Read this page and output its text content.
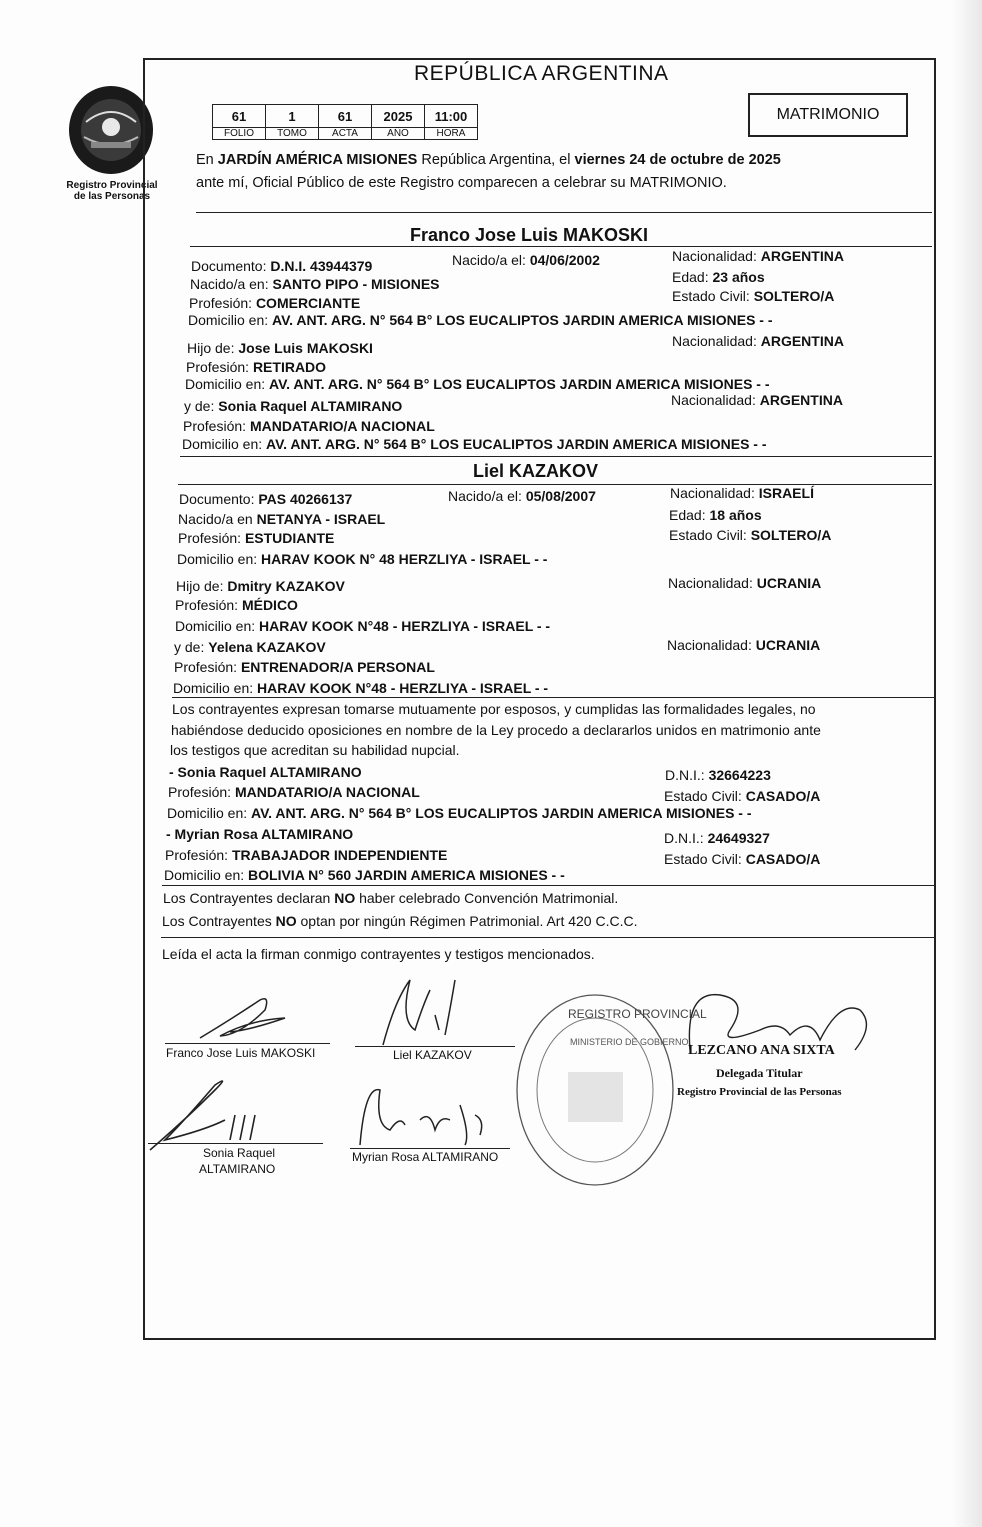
Registro Provincial
de las Personas
REPÚBLICA ARGENTINA
61	1	61	2025	11:00
FOLIO	TOMO	ACTA	AÑO	HORA
MATRIMONIO
En JARDÍN AMÉRICA MISIONES República Argentina, el viernes 24 de octubre de 2025
ante mí, Oficial Público de este Registro comparecen a celebrar su MATRIMONIO.
Franco Jose Luis MAKOSKI
Documento: D.N.I. 43944379	Nacido/a el: 04/06/2002	Nacionalidad: ARGENTINA
Nacido/a en: SANTO PIPO - MISIONES	Edad: 23 años
Profesión: COMERCIANTE	Estado Civil: SOLTERO/A
Domicilio en: AV. ANT. ARG. N° 564 B° LOS EUCALIPTOS JARDIN AMERICA MISIONES - -
Hijo de: Jose Luis MAKOSKI	Nacionalidad: ARGENTINA
Profesión: RETIRADO
Domicilio en: AV. ANT. ARG. N° 564 B° LOS EUCALIPTOS JARDIN AMERICA MISIONES - -
y de: Sonia Raquel ALTAMIRANO	Nacionalidad: ARGENTINA
Profesión: MANDATARIO/A NACIONAL
Domicilio en: AV. ANT. ARG. N° 564 B° LOS EUCALIPTOS JARDIN AMERICA MISIONES - -
Liel KAZAKOV
Documento: PAS 40266137	Nacido/a el: 05/08/2007	Nacionalidad: ISRAELÍ
Nacido/a en NETANYA - ISRAEL	Edad: 18 años
Profesión: ESTUDIANTE	Estado Civil: SOLTERO/A
Domicilio en: HARAV KOOK N° 48 HERZLIYA - ISRAEL - -
Hijo de: Dmitry KAZAKOV	Nacionalidad: UCRANIA
Profesión: MÉDICO
Domicilio en: HARAV KOOK N°48 - HERZLIYA - ISRAEL - -
y de: Yelena KAZAKOV	Nacionalidad: UCRANIA
Profesión: ENTRENADOR/A PERSONAL
Domicilio en: HARAV KOOK N°48 - HERZLIYA - ISRAEL - -
Los contrayentes expresan tomarse mutuamente por esposos, y cumplidas las formalidades legales, no
habiéndose deducido oposiciones en nombre de la Ley procedo a declararlos unidos en matrimonio ante
los testigos que acreditan su habilidad nupcial.
- Sonia Raquel ALTAMIRANO	D.N.I.: 32664223
Profesión: MANDATARIO/A NACIONAL	Estado Civil: CASADO/A
Domicilio en: AV. ANT. ARG. N° 564 B° LOS EUCALIPTOS JARDIN AMERICA MISIONES - -
- Myrian Rosa ALTAMIRANO	D.N.I.: 24649327
Profesión: TRABAJADOR INDEPENDIENTE	Estado Civil: CASADO/A
Domicilio en: BOLIVIA N° 560 JARDIN AMERICA MISIONES - -
Los Contrayentes declaran NO haber celebrado Convención Matrimonial.
Los Contrayentes NO optan por ningún Régimen Patrimonial. Art 420 C.C.C.
Leída el acta la firman conmigo contrayentes y testigos mencionados.
Franco Jose Luis MAKOSKI	Liel KAZAKOV
Sonia Raquel
ALTAMIRANO
Myrian Rosa ALTAMIRANO
REGISTRO PROVINCIAL
MINISTERIO DE GOBIERNO
LEZCANO ANA SIXTA
Delegada Titular
Registro Provincial de las Personas
